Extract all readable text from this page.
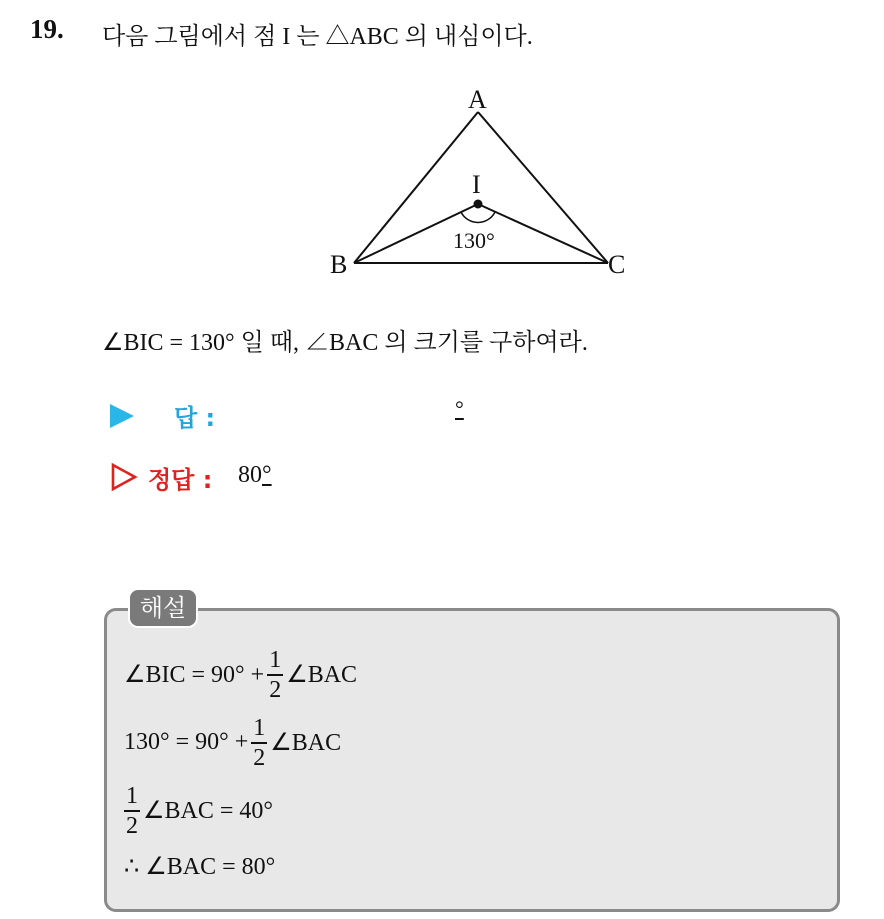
19. 다음 그림에서 점 I 는 △ABC 의 내심이다.
A
B	C
I
130°
∠BIC = 130° 일 때, ∠BAC 의 크기를 구하여라.
답 :	°
정답 : 80°
해설
∠BIC = $90^\circ + \frac{1}{2}$ ∠BAC
$130^\circ = 90^\circ + \frac{1}{2}$ ∠BAC
$\frac{1}{2}$ ∠BAC = 40°
∴ ∠BAC = 80°
